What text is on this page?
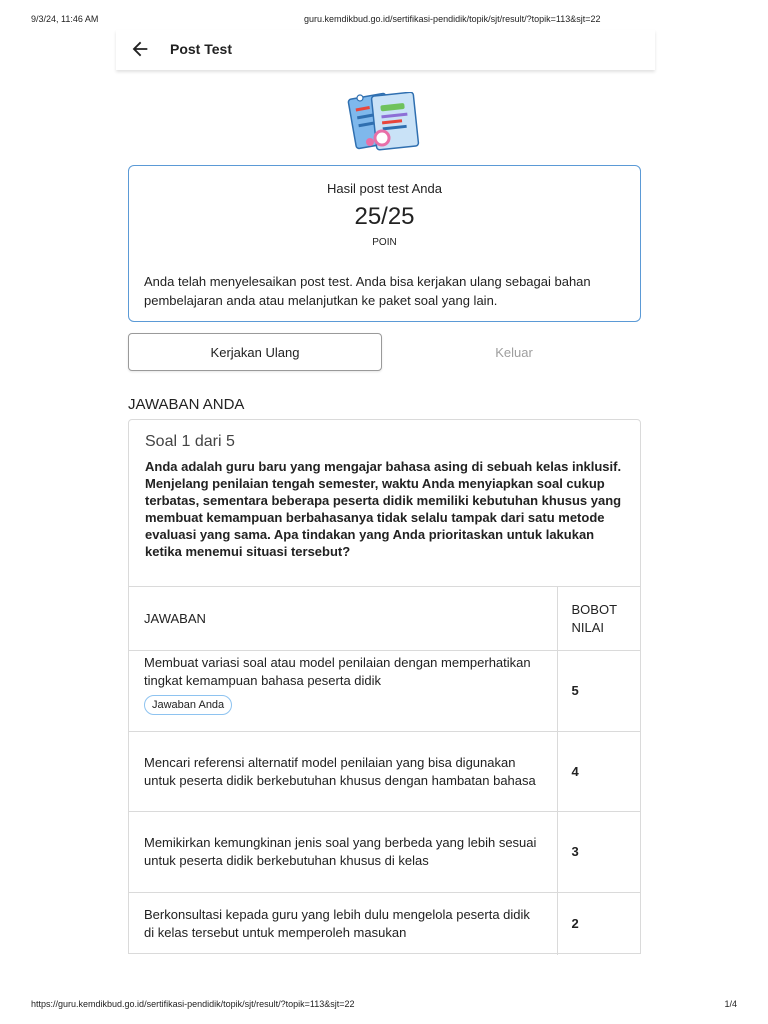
9/3/24, 11:46 AM	guru.kemdikbud.go.id/sertifikasi-pendidik/topik/sjt/result/?topik=113&sjt=22
Post Test
Hasil post test Anda
25/25
POIN
Anda telah menyelesaikan post test. Anda bisa kerjakan ulang sebagai bahan pembelajaran anda atau melanjutkan ke paket soal yang lain.
Kerjakan Ulang	Keluar
JAWABAN ANDA
Soal 1 dari 5
Anda adalah guru baru yang mengajar bahasa asing di sebuah kelas inklusif. Menjelang penilaian tengah semester, waktu Anda menyiapkan soal cukup terbatas, sementara beberapa peserta didik memiliki kebutuhan khusus yang membuat kemampuan berbahasanya tidak selalu tampak dari satu metode evaluasi yang sama. Apa tindakan yang Anda prioritaskan untuk lakukan ketika menemui situasi tersebut?
JAWABAN	BOBOT NILAI

Membuat variasi soal atau model penilaian dengan memperhatikan tingkat kemampuan bahasa peserta didik
Jawaban Anda	5
Mencari referensi alternatif model penilaian yang bisa digunakan untuk peserta didik berkebutuhan khusus dengan hambatan bahasa	4
Memikirkan kemungkinan jenis soal yang berbeda yang lebih sesuai untuk peserta didik berkebutuhan khusus di kelas	3
Berkonsultasi kepada guru yang lebih dulu mengelola peserta didik di kelas tersebut untuk memperoleh masukan	2
https://guru.kemdikbud.go.id/sertifikasi-pendidik/topik/sjt/result/?topik=113&sjt=22	1/4
